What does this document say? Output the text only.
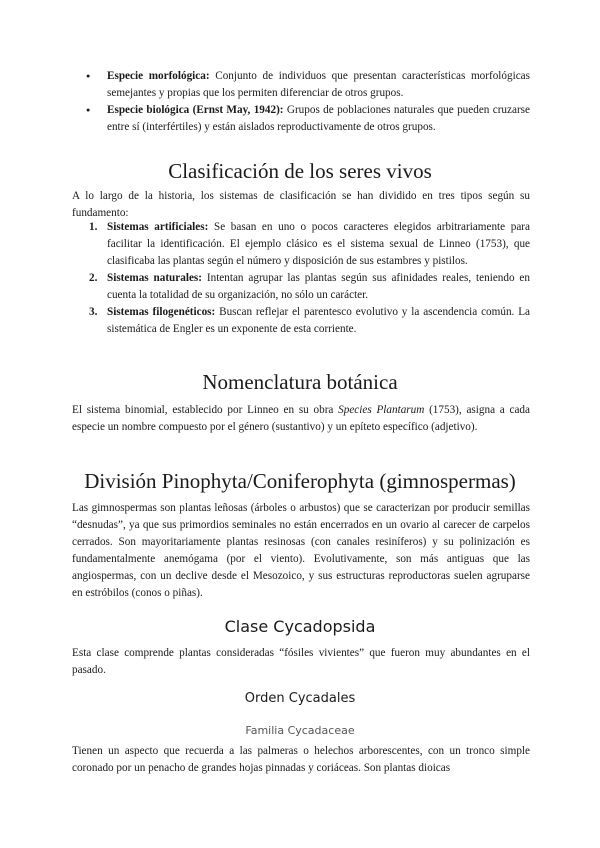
● Especie morfológica: Conjunto de individuos que presentan características morfológicas semejantes y propias que los permiten diferenciar de otros grupos.
● Especie biológica (Ernst May, 1942): Grupos de poblaciones naturales que pueden cruzarse entre sí (interfértiles) y están aislados reproductivamente de otros grupos.
Clasificación de los seres vivos

A lo largo de la historia, los sistemas de clasificación se han dividido en tres tipos según su fundamento:

1. Sistemas artificiales: Se basan en uno o pocos caracteres elegidos arbitrariamente para facilitar la identificación. El ejemplo clásico es el sistema sexual de Linneo (1753), que clasificaba las plantas según el número y disposición de sus estambres y pistilos.
2. Sistemas naturales: Intentan agrupar las plantas según sus afinidades reales, teniendo en cuenta la totalidad de su organización, no sólo un carácter.
3. Sistemas filogenéticos: Buscan reflejar el parentesco evolutivo y la ascendencia común. La sistemática de Engler es un exponente de esta corriente.
Nomenclatura botánica

El sistema binomial, establecido por Linneo en su obra Species Plantarum (1753), asigna a cada especie un nombre compuesto por el género (sustantivo) y un epíteto específico (adjetivo).

División Pinophyta/Coniferophyta (gimnospermas)

Las gimnospermas son plantas leñosas (árboles o arbustos) que se caracterizan por producir semillas “desnudas”, ya que sus primordios seminales no están encerrados en un ovario al carecer de carpelos cerrados. Son mayoritariamente plantas resinosas (con canales resiníferos) y su polinización es fundamentalmente anemógama (por el viento). Evolutivamente, son más antiguas que las angiospermas, con un declive desde el Mesozoico, y sus estructuras reproductoras suelen agruparse en estróbilos (conos o piñas).

Clase Cycadopsida

Esta clase comprende plantas consideradas “fósiles vivientes” que fueron muy abundantes en el pasado.

Orden Cycadales
Familia Cycadaceae

Tienen un aspecto que recuerda a las palmeras o helechos arborescentes, con un tronco simple coronado por un penacho de grandes hojas pinnadas y coriáceas. Son plantas dioicas
